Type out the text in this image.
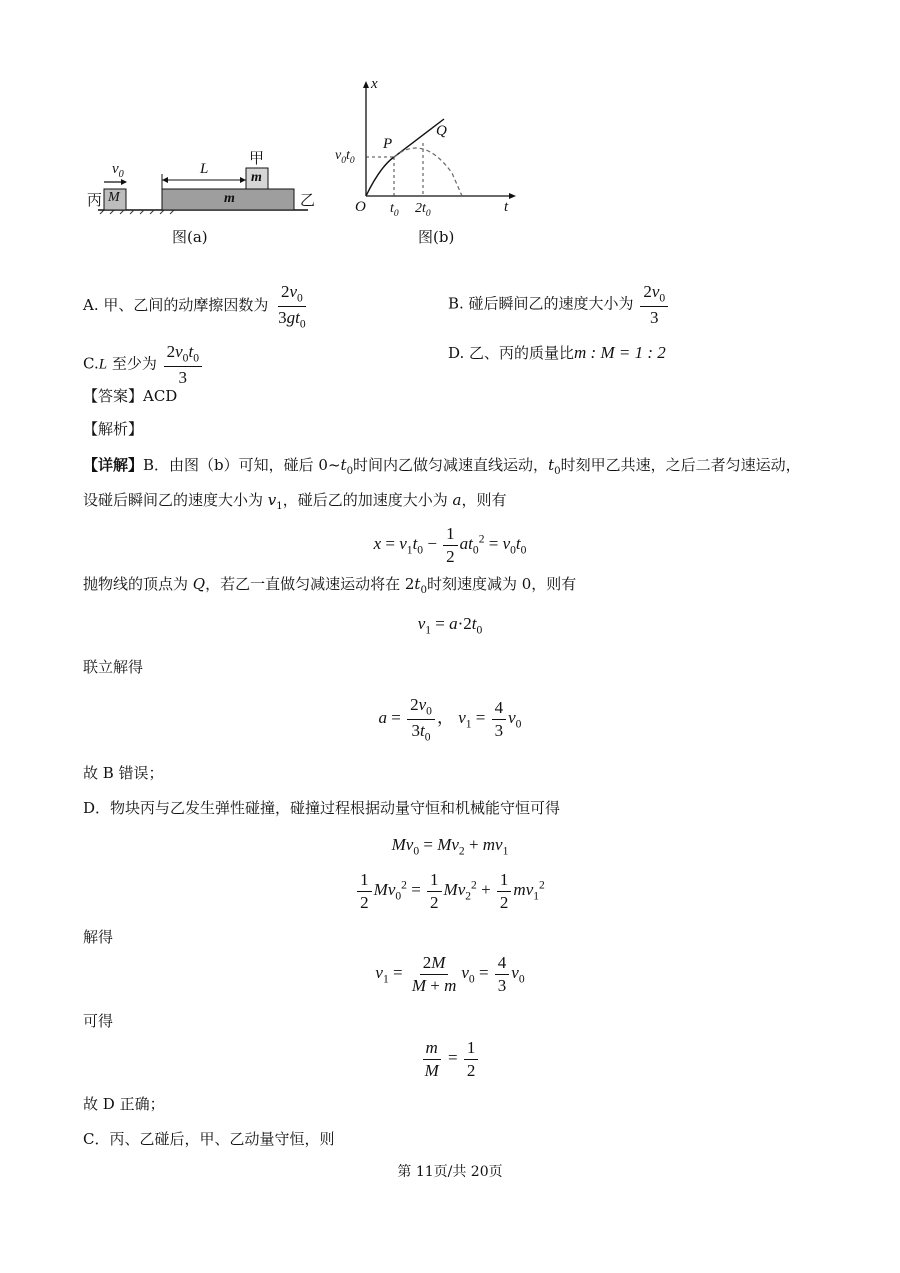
$v_0$
丙 M
L
甲
m
m	乙
图(a)
x
t
O
P
Q
$v_0t_0$
$t_0$ $2t_0$
图(b)
A. 甲、乙间的动摩擦因数为 $\frac{2v_0}{3gt_0}$	B. 碰后瞬间乙的速度大小为 $\frac{2v_0}{3}$
C.L 至少为 $\frac{2v_0t_0}{3}$	D. 乙、丙的质量比m : M = 1 : 2
【答案】ACD
【解析】
【详解】B．由图（b）可知，碰后 $0\sim t_0$时间内乙做匀减速直线运动，$t_0$时刻甲乙共速，之后二者匀速运动，
设碰后瞬间乙的速度大小为 $v_1$，碰后乙的加速度大小为 a，则有
$x = v_1t_0 - \frac{1}{2} at_0^2 = v_0t_0$
抛物线的顶点为 Q，若乙一直做匀减速运动将在 $2t_0$时刻速度减为 0，则有
$v_1 = a\cdot 2t_0$
联立解得
$a = \frac{2v_0}{3t_0}$ ， $v_1 = \frac{4}{3} v_0$
故 B 错误；
D．物块丙与乙发生弹性碰撞，碰撞过程根据动量守恒和机械能守恒可得
$Mv_0 = Mv_2 + mv_1$
$\frac{1}{2} Mv_0^2 = \frac{1}{2} Mv_2^2 + \frac{1}{2} mv_1^2$
解得
$v_1 = \frac{2M}{M + m} v_0 = \frac{4}{3} v_0$
可得
$\frac{m}{M} = \frac{1}{2}$
故 D 正确；
C．丙、乙碰后，甲、乙动量守恒，则
第 11页/共 20页
